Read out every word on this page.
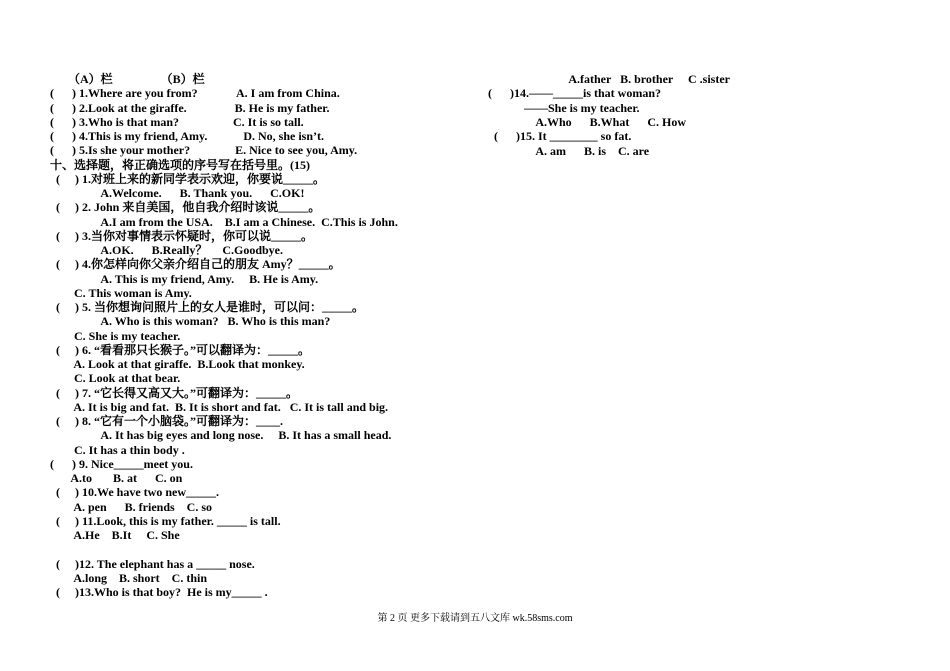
第 2 页 更多下载请到五八文库 wk.58sms.com
（A）栏                （B）栏
(      ) 1.Where are you from?             A. I am from China.
(      ) 2.Look at the giraffe.                B. He is my father.
(      ) 3.Who is that man?                  C. It is so tall.
(      ) 4.This is my friend, Amy.            D. No, she isn’t.
(      ) 5.Is she your mother?               E. Nice to see you, Amy.
十、选择题，将正确选项的序号写在括号里。(15)
(     ) 1.对班上来的新同学表示欢迎，你要说_____。
A.Welcome.      B. Thank you.      C.OK!
(     ) 2. John 来自美国，他自我介绍时该说_____。
A.I am from the USA.    B.I am a Chinese.  C.This is John.
(     ) 3.当你对事情表示怀疑时，你可以说_____。
A.OK.      B.Really？     C.Goodbye.
(     ) 4.你怎样向你父亲介绍自己的朋友 Amy？_____。
A. This is my friend, Amy.     B. He is Amy.
C. This woman is Amy.
(     ) 5. 当你想询问照片上的女人是谁时，可以问：_____。
A. Who is this woman?   B. Who is this man?
C. She is my teacher.
(     ) 6. “看看那只长猴子。”可以翻译为：_____。
A. Look at that giraffe.  B.Look that monkey.
C. Look at that bear.
(     ) 7. “它长得又高又大。”可翻译为：_____。
A. It is big and fat.  B. It is short and fat.   C. It is tall and big.
(     ) 8. “它有一个小脑袋。”可翻译为：____.
A. It has big eyes and long nose.     B. It has a small head.
C. It has a thin body .
(      ) 9. Nice_____meet you.
A.to       B. at      C. on
(     ) 10.We have two new_____.
A. pen      B. friends    C. so
(     ) 11.Look, this is my father. _____ is tall.
A.He    B.It     C. She
(     )12. The elephant has a _____ nose.
A.long    B. short    C. thin
(     )13.Who is that boy?  He is my_____ .
A.father   B. brother     C .sister
(      )14.——_____is that woman?
——She is my teacher.
A.Who      B.What      C. How
(      )15. It ________ so fat.
A. am      B. is    C. are
